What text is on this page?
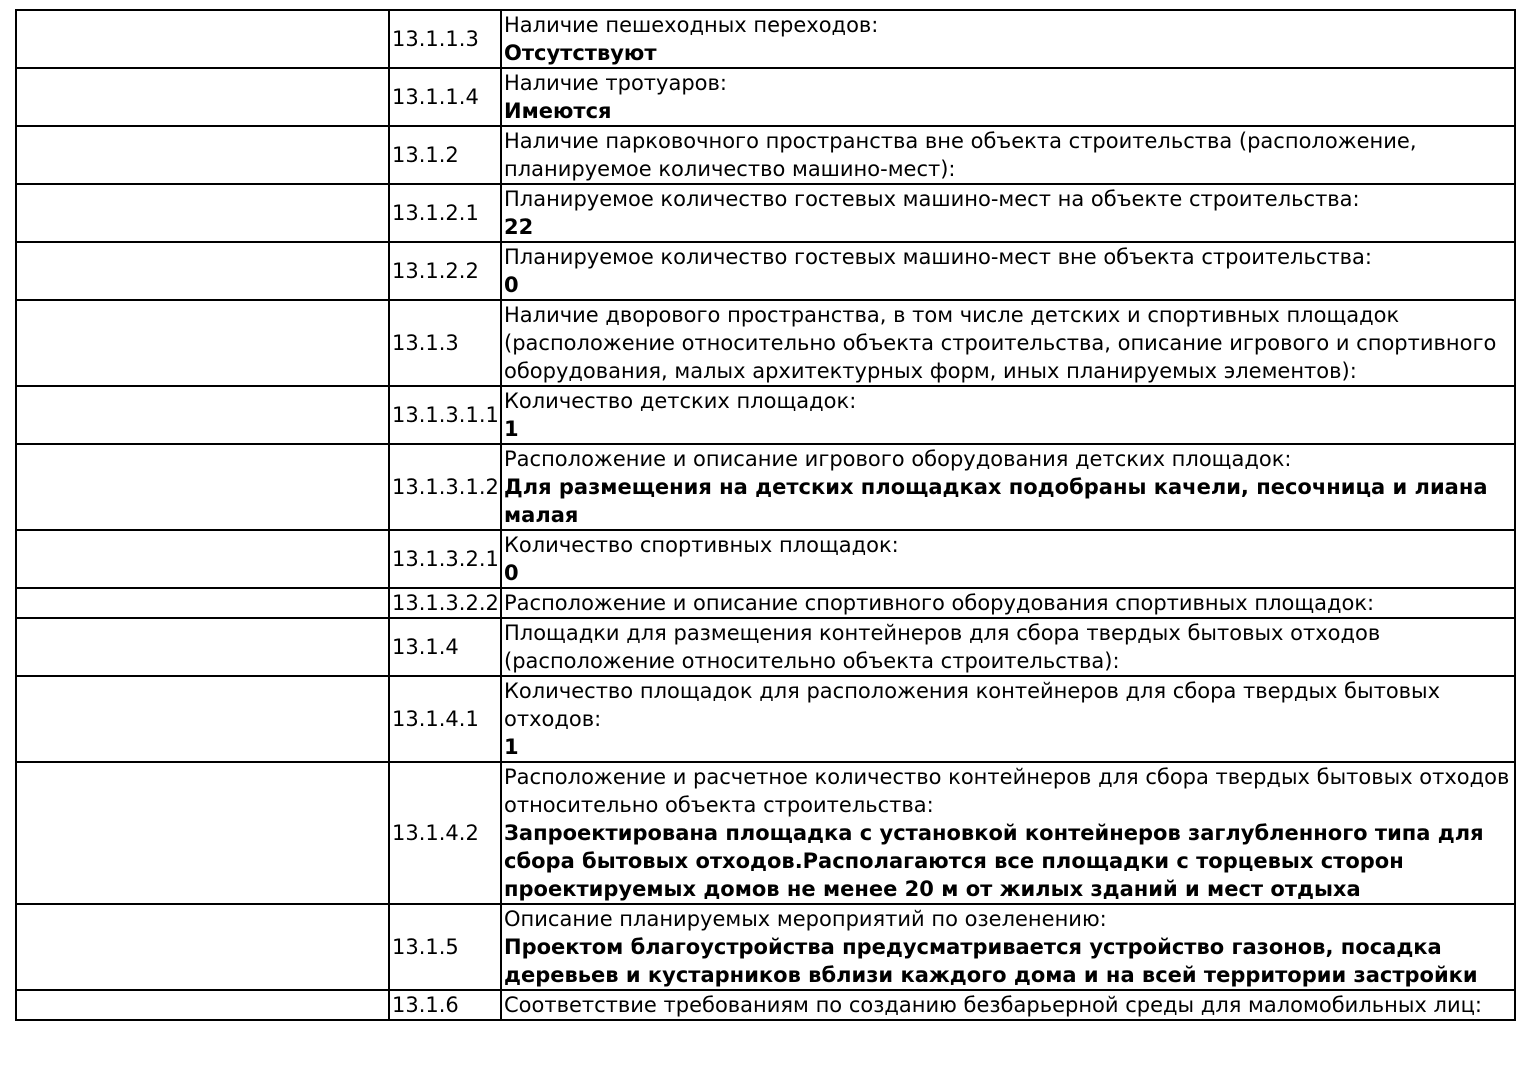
	13.1.1.3	Наличие пешеходных переходов:
Отсутствуют

	13.1.1.4	Наличие тротуаров:
Имеются

	13.1.2	Наличие парковочного пространства вне объекта строительства (расположение, планируемое количество машино-мест):

	13.1.2.1	Планируемое количество гостевых машино-мест на объекте строительства:
22

	13.1.2.2	Планируемое количество гостевых машино-мест вне объекта строительства:
0

	13.1.3	Наличие дворового пространства, в том числе детских и спортивных площадок (расположение относительно объекта строительства, описание игрового и спортивного оборудования, малых архитектурных форм, иных планируемых элементов):

	13.1.3.1.1	Количество детских площадок:
1

	13.1.3.1.2	Расположение и описание игрового оборудования детских площадок:
Для размещения на детских площадках подобраны качели, песочница и лиана малая

	13.1.3.2.1	Количество спортивных площадок:
0

	13.1.3.2.2	Расположение и описание спортивного оборудования спортивных площадок:

	13.1.4	Площадки для размещения контейнеров для сбора твердых бытовых отходов (расположение относительно объекта строительства):

	13.1.4.1	Количество площадок для расположения контейнеров для сбора твердых бытовых отходов:
1

	13.1.4.2	Расположение и расчетное количество контейнеров для сбора твердых бытовых отходов относительно объекта строительства:
Запроектирована площадка с установкой контейнеров заглубленного типа для сбора бытовых отходов.Располагаются все площадки с торцевых сторон проектируемых домов не менее 20 м от жилых зданий и мест отдыха

	13.1.5	Описание планируемых мероприятий по озеленению:
Проектом благоустройства предусматривается устройство газонов, посадка деревьев и кустарников вблизи каждого дома и на всей территории застройки

	13.1.6	Соответствие требованиям по созданию безбарьерной среды для маломобильных лиц:
